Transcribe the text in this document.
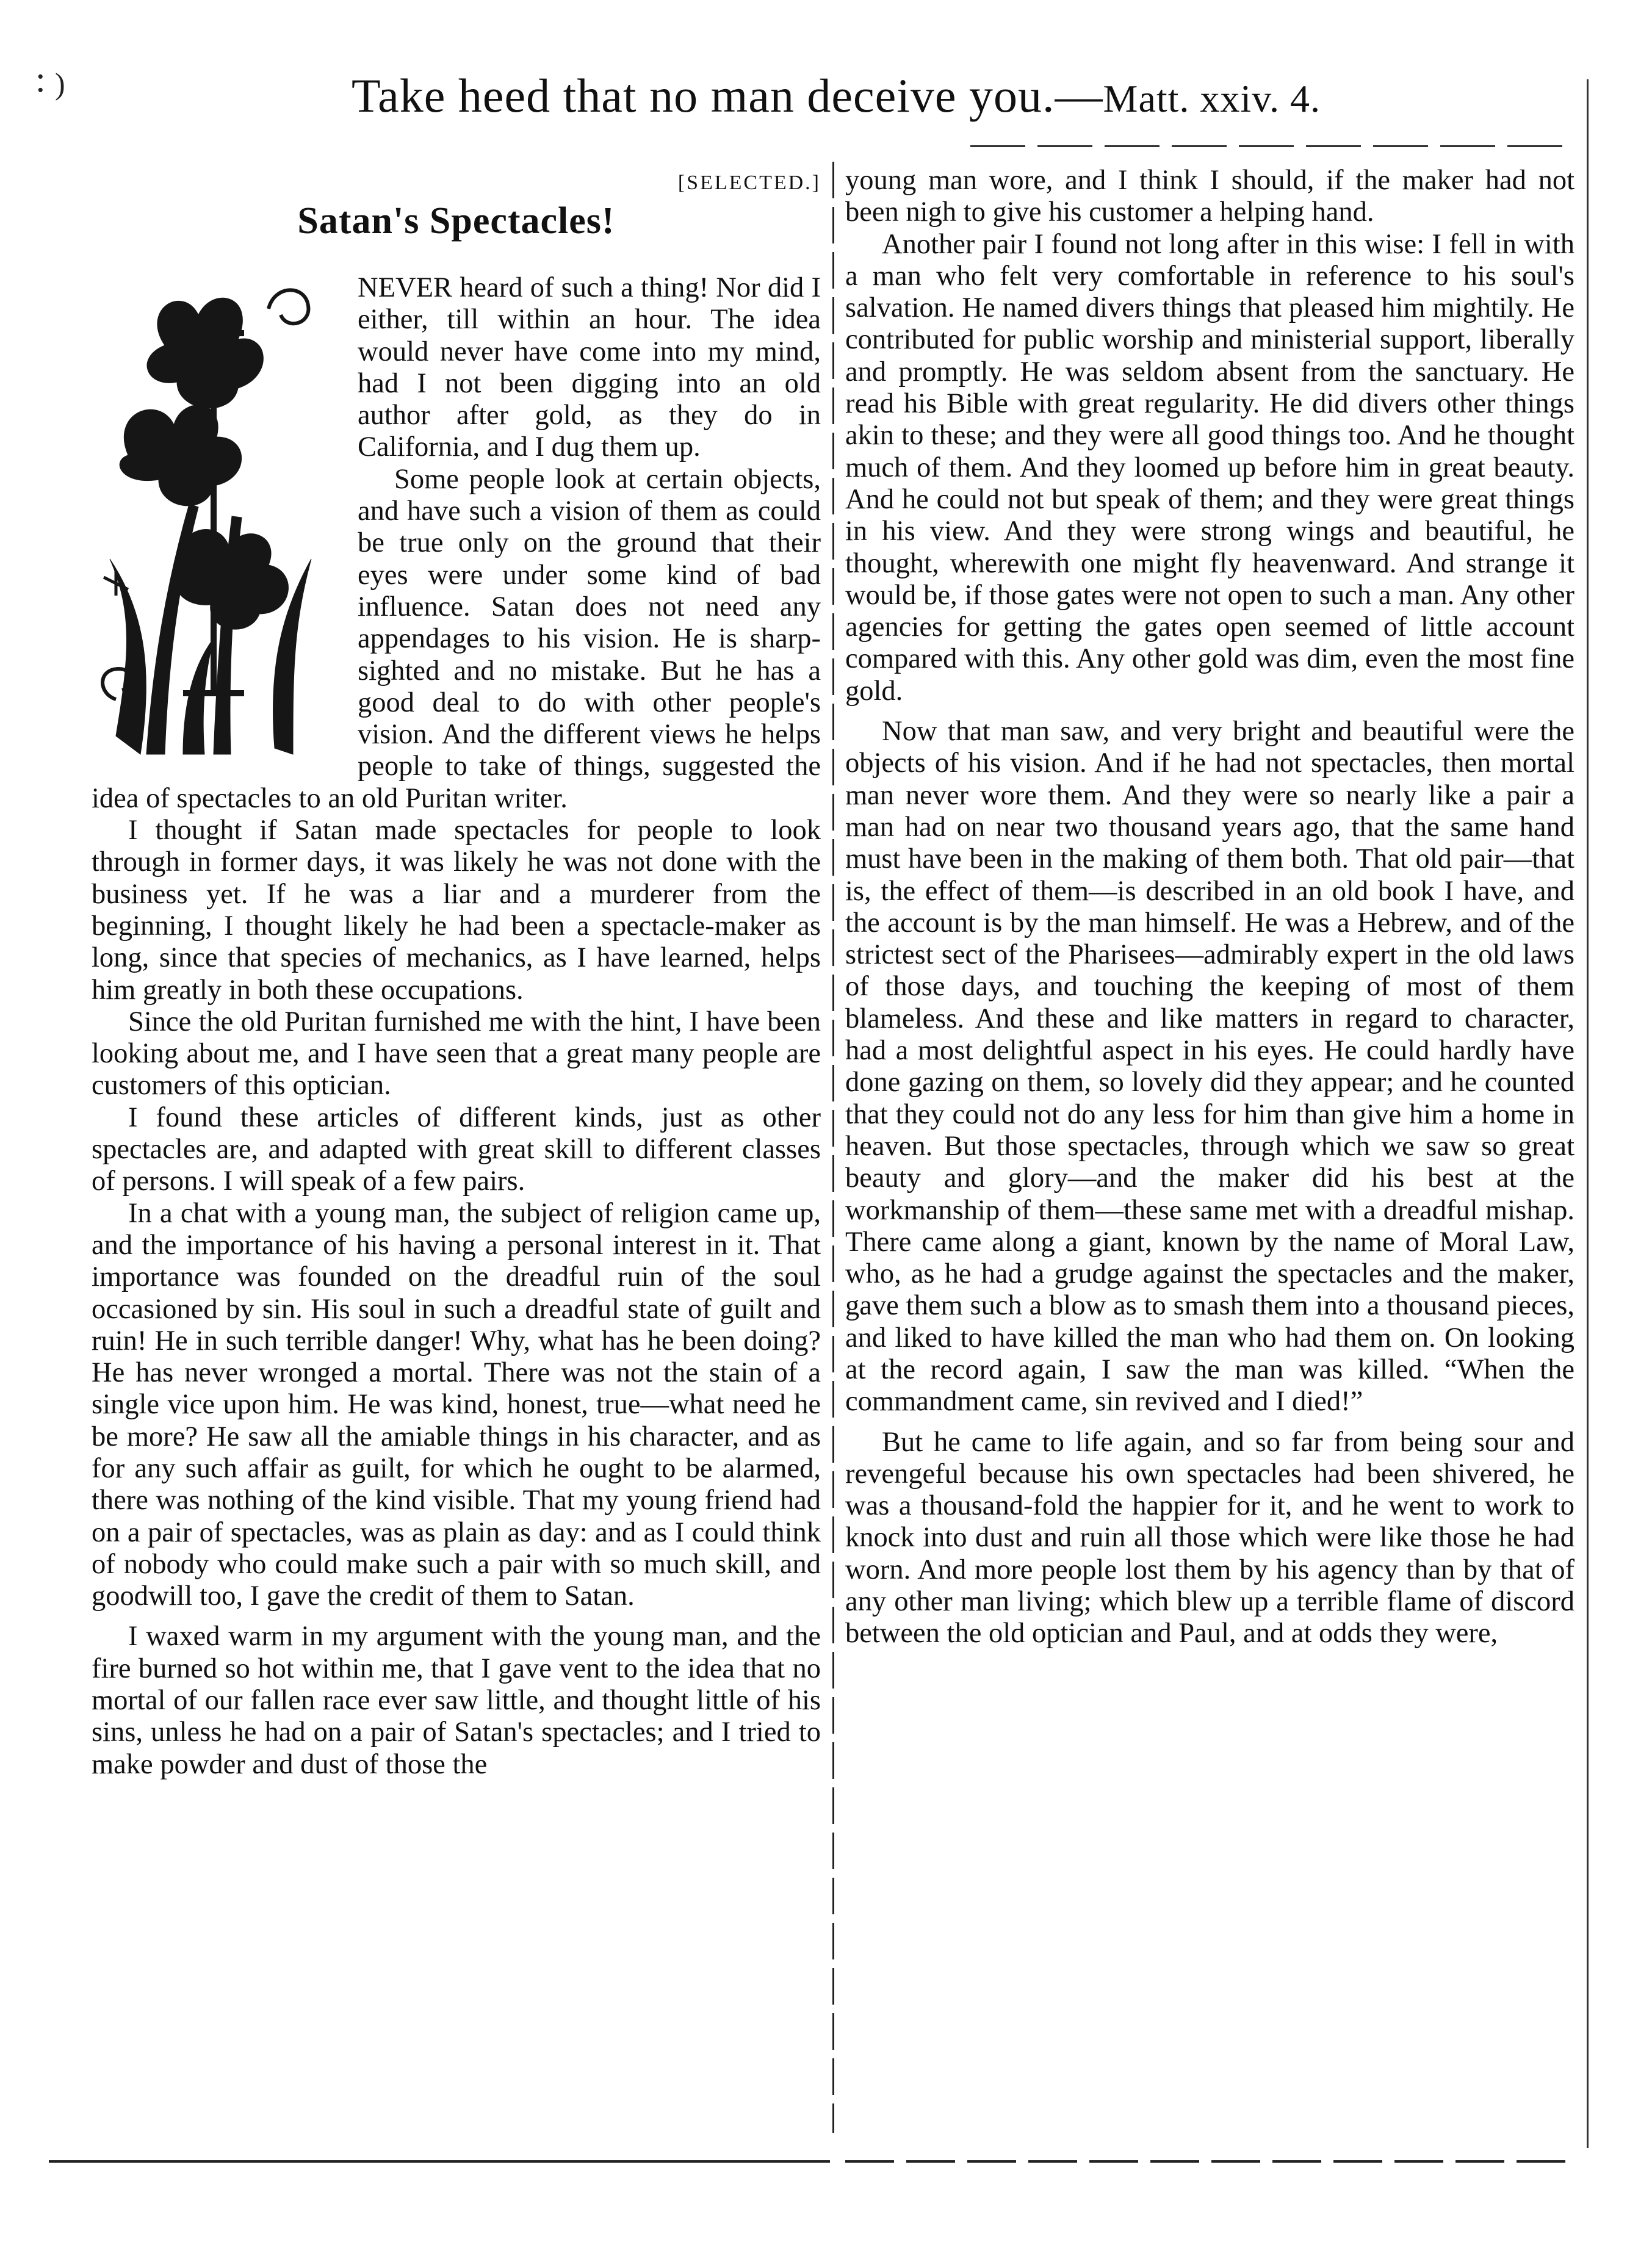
: )	Take heed that no man deceive you.—Matt. xxiv. 4.
[SELECTED.]
Satan's Spectacles!

NEVER heard of such a thing! Nor did I either, till within an hour. The idea would never have come into my mind, had I not been digging into an old author after gold, as they do in California, and I dug them up.

Some people look at certain objects, and have such a vision of them as could be true only on the ground that their eyes were under some kind of bad influence. Satan does not need any appendages to his vision. He is sharp-sighted and no mistake. But he has a good deal to do with other people's vision. And the different views he helps people to take of things, suggested the idea of spectacles to an old Puritan writer.

I thought if Satan made spectacles for people to look through in former days, it was likely he was not done with the business yet. If he was a liar and a murderer from the beginning, I thought likely he had been a spectacle-maker as long, since that species of mechanics, as I have learned, helps him greatly in both these occupations.

Since the old Puritan furnished me with the hint, I have been looking about me, and I have seen that a great many people are customers of this optician.

I found these articles of different kinds, just as other spectacles are, and adapted with great skill to different classes of persons. I will speak of a few pairs.

In a chat with a young man, the subject of religion came up, and the importance of his having a personal interest in it. That importance was founded on the dreadful ruin of the soul occasioned by sin. His soul in such a dreadful state of guilt and ruin! He in such terrible danger! Why, what has he been doing? He has never wronged a mortal. There was not the stain of a single vice upon him. He was kind, honest, true—what need he be more? He saw all the amiable things in his character, and as for any such affair as guilt, for which he ought to be alarmed, there was nothing of the kind visible. That my young friend had on a pair of spectacles, was as plain as day: and as I could think of nobody who could make such a pair with so much skill, and goodwill too, I gave the credit of them to Satan.

I waxed warm in my argument with the young man, and the fire burned so hot within me, that I gave vent to the idea that no mortal of our fallen race ever saw little, and thought little of his sins, unless he had on a pair of Satan's spectacles; and I tried to make powder and dust of those the

young man wore, and I think I should, if the maker had not been nigh to give his customer a helping hand.

Another pair I found not long after in this wise: I fell in with a man who felt very comfortable in reference to his soul's salvation. He named divers things that pleased him mightily. He contributed for public worship and ministerial support, liberally and promptly. He was seldom absent from the sanctuary. He read his Bible with great regularity. He did divers other things akin to these; and they were all good things too. And he thought much of them. And they loomed up before him in great beauty. And he could not but speak of them; and they were great things in his view. And they were strong wings and beautiful, he thought, wherewith one might fly heavenward. And strange it would be, if those gates were not open to such a man. Any other agencies for getting the gates open seemed of little account compared with this. Any other gold was dim, even the most fine gold.

Now that man saw, and very bright and beautiful were the objects of his vision. And if he had not spectacles, then mortal man never wore them. And they were so nearly like a pair a man had on near two thousand years ago, that the same hand must have been in the making of them both. That old pair—that is, the effect of them—is described in an old book I have, and the account is by the man himself. He was a Hebrew, and of the strictest sect of the Pharisees—admirably expert in the old laws of those days, and touching the keeping of most of them blameless. And these and like matters in regard to character, had a most delightful aspect in his eyes. He could hardly have done gazing on them, so lovely did they appear; and he counted that they could not do any less for him than give him a home in heaven. But those spectacles, through which we saw so great beauty and glory—and the maker did his best at the workmanship of them—these same met with a dreadful mishap. There came along a giant, known by the name of Moral Law, who, as he had a grudge against the spectacles and the maker, gave them such a blow as to smash them into a thousand pieces, and liked to have killed the man who had them on. On looking at the record again, I saw the man was killed. “When the commandment came, sin revived and I died!”

But he came to life again, and so far from being sour and revengeful because his own spectacles had been shivered, he was a thousand-fold the happier for it, and he went to work to knock into dust and ruin all those which were like those he had worn. And more people lost them by his agency than by that of any other man living; which blew up a terrible flame of discord between the old optician and Paul, and at odds they were,
